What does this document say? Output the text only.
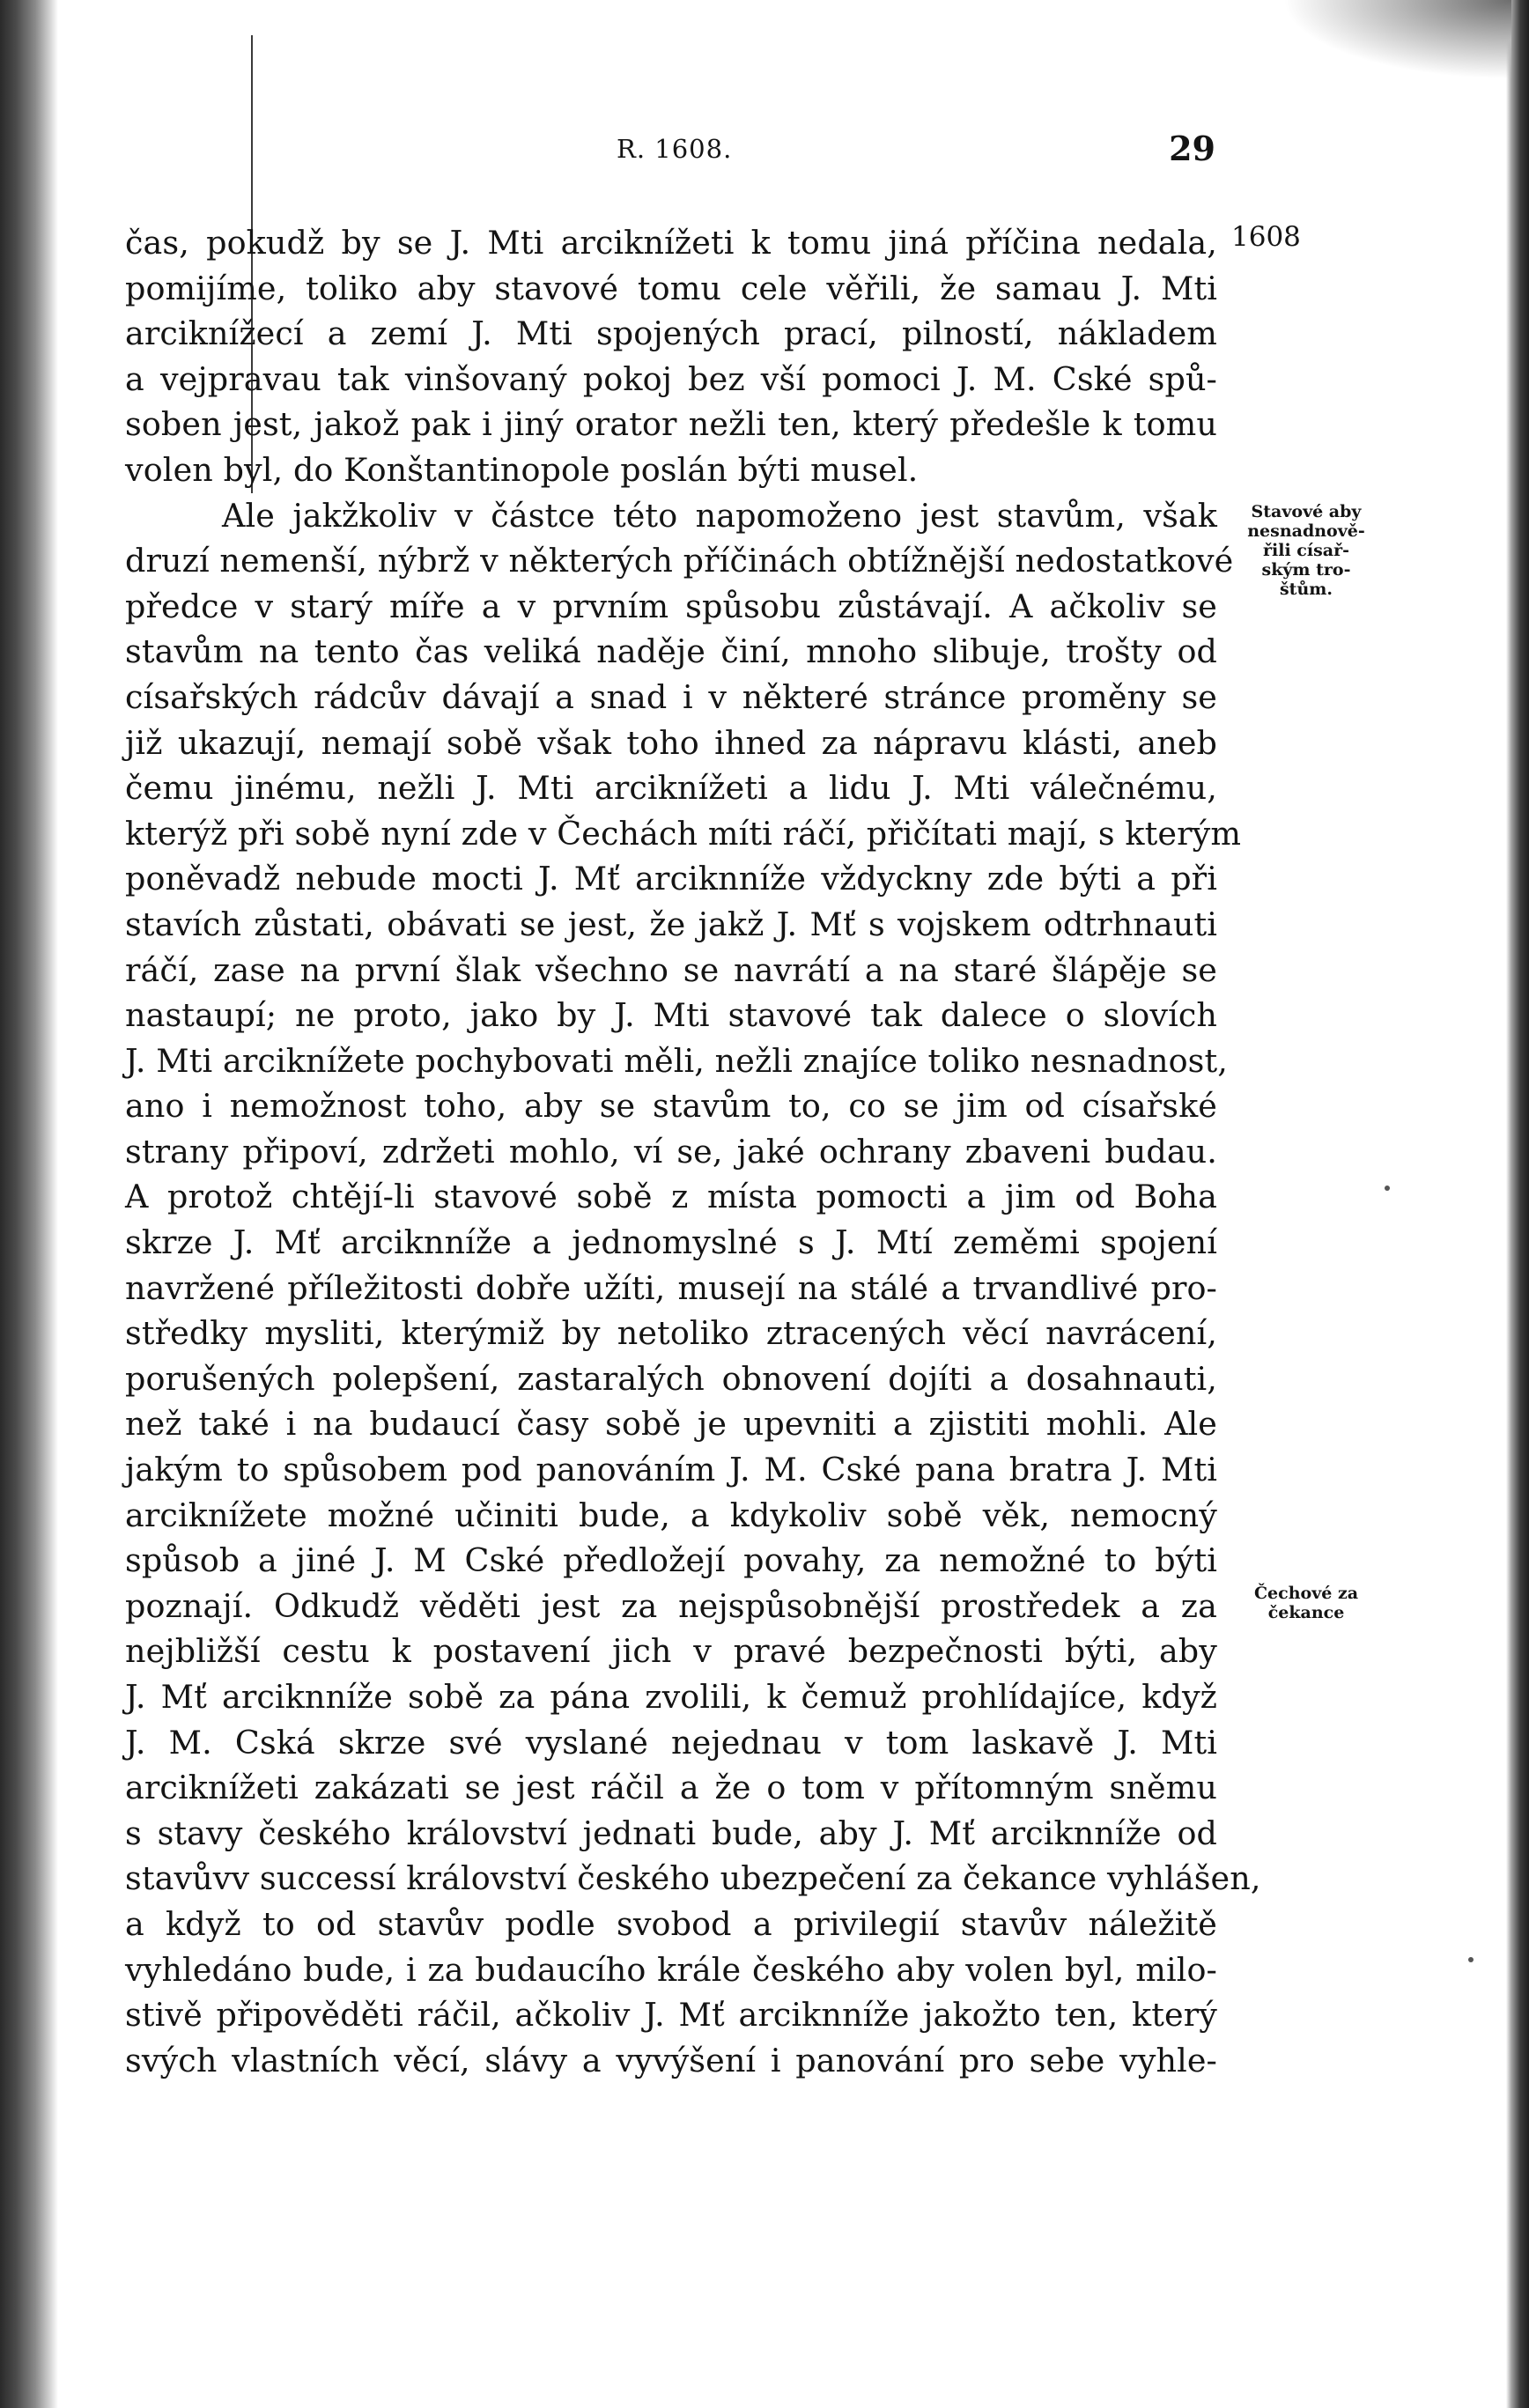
R. 1608.	29
čas, pokudž by se J. Mti arciknížeti k tomu jiná příčina nedala,
pomijíme, toliko aby stavové tomu cele věřili, že samau J. Mti
arciknížecí a zemí J. Mti spojených prací, pilností, nákladem
a vejpravau tak vinšovaný pokoj bez vší pomoci J. M. Cské spů-
soben jest, jakož pak i jiný orator nežli ten, který předešle k tomu
volen byl, do Konštantinopole poslán býti musel.
Ale jakžkoliv v částce této napomoženo jest stavům, však
druzí nemenší, nýbrž v některých příčinách obtížnější nedostatkové
předce v starý míře a v prvním spůsobu zůstávají. A ačkoliv se
stavům na tento čas veliká naděje činí, mnoho slibuje, trošty od
císařských rádcův dávají a snad i v některé stránce proměny se
již ukazují, nemají sobě však toho ihned za nápravu klásti, aneb
čemu jinému, nežli J. Mti arciknížeti a lidu J. Mti válečnému,
kterýž při sobě nyní zde v Čechách míti ráčí, přičítati mají, s kterým
poněvadž nebude mocti J. Mť arciknníže vždyckny zde býti a při
stavích zůstati, obávati se jest, že jakž J. Mť s vojskem odtrhnauti
ráčí, zase na první šlak všechno se navrátí a na staré šlápěje se
nastaupí; ne proto, jako by J. Mti stavové tak dalece o slovích
J. Mti arciknížete pochybovati měli, nežli znajíce toliko nesnadnost,
ano i nemožnost toho, aby se stavům to, co se jim od císařské
strany připoví, zdržeti mohlo, ví se, jaké ochrany zbaveni budau.
A protož chtějí-li stavové sobě z místa pomocti a jim od Boha
skrze J. Mť arciknníže a jednomyslné s J. Mtí zeměmi spojení
navržené příležitosti dobře užíti, musejí na stálé a trvandlivé pro-
středky mysliti, kterýmiž by netoliko ztracených věcí navrácení,
porušených polepšení, zastaralých obnovení dojíti a dosahnauti,
než také i na budaucí časy sobě je upevniti a zjistiti mohli. Ale
jakým to spůsobem pod panováním J. M. Cské pana bratra J. Mti
arciknížete možné učiniti bude, a kdykoliv sobě věk, nemocný
spůsob a jiné J. M Cské předložejí povahy, za nemožné to býti
poznají. Odkudž věděti jest za nejspůsobnější prostředek a za
nejbližší cestu k postavení jich v pravé bezpečnosti býti, aby
J. Mť arciknníže sobě za pána zvolili, k čemuž prohlídajíce, když
J. M. Cská skrze své vyslané nejednau v tom laskavě J. Mti
arciknížeti zakázati se jest ráčil a že o tom v přítomným sněmu
s stavy českého království jednati bude, aby J. Mť arciknníže od
stavůvv successí království českého ubezpečení za čekance vyhlášen,
a když to od stavův podle svobod a privilegií stavův náležitě
vyhledáno bude, i za budaucího krále českého aby volen byl, milo-
stivě připověděti ráčil, ačkoliv J. Mť arciknníže jakožto ten, který
svých vlastních věcí, slávy a vyvýšení i panování pro sebe vyhle-
1608
Stavové aby
nesnadnově-
řili císař-
ským tro-
štům.
Čechové za
čekance
